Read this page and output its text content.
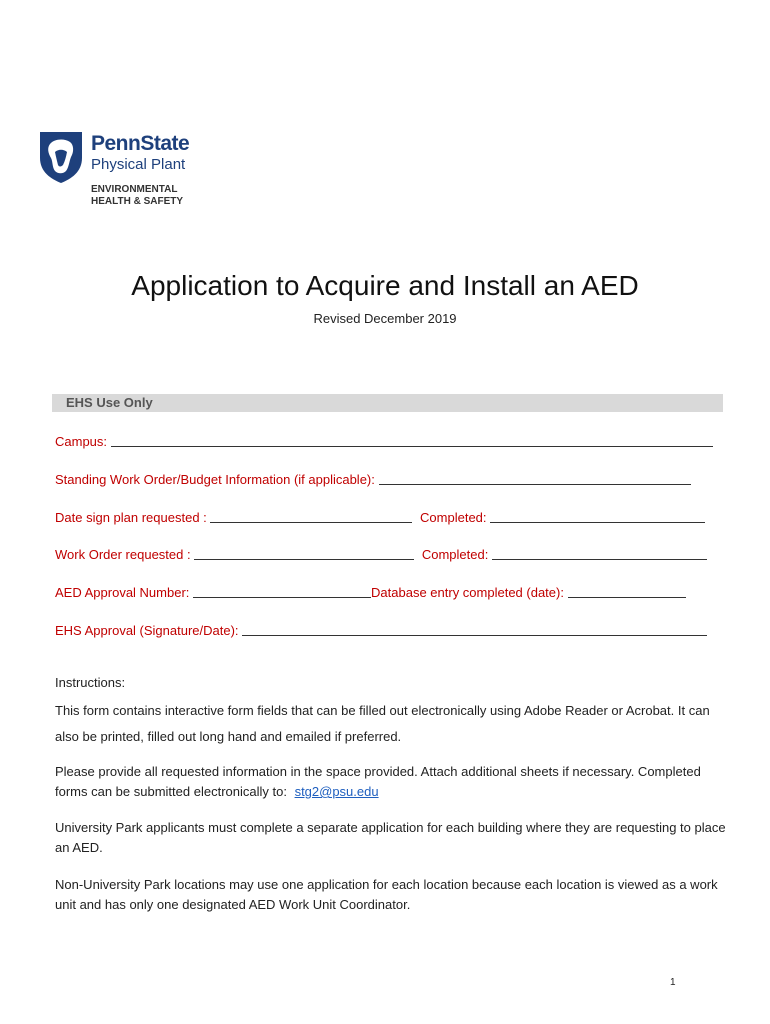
PennState
Physical Plant
ENVIRONMENTAL
HEALTH & SAFETY
Application to Acquire and Install an AED
Revised December 2019
EHS Use Only
Campus:
Standing Work Order/Budget Information (if applicable):
Date sign plan requested :	Completed:
Work Order requested :	Completed:
AED Approval Number:	Database entry completed (date):
EHS Approval (Signature/Date):
Instructions:
This form contains interactive form fields that can be filled out electronically using Adobe Reader or Acrobat. It can also be printed, filled out long hand and emailed if preferred.
Please provide all requested information in the space provided. Attach additional sheets if necessary. Completed forms can be submitted electronically to: stg2@psu.edu
University Park applicants must complete a separate application for each building where they are requesting to place an AED.
Non-University Park locations may use one application for each location because each location is viewed as a work unit and has only one designated AED Work Unit Coordinator.
1
